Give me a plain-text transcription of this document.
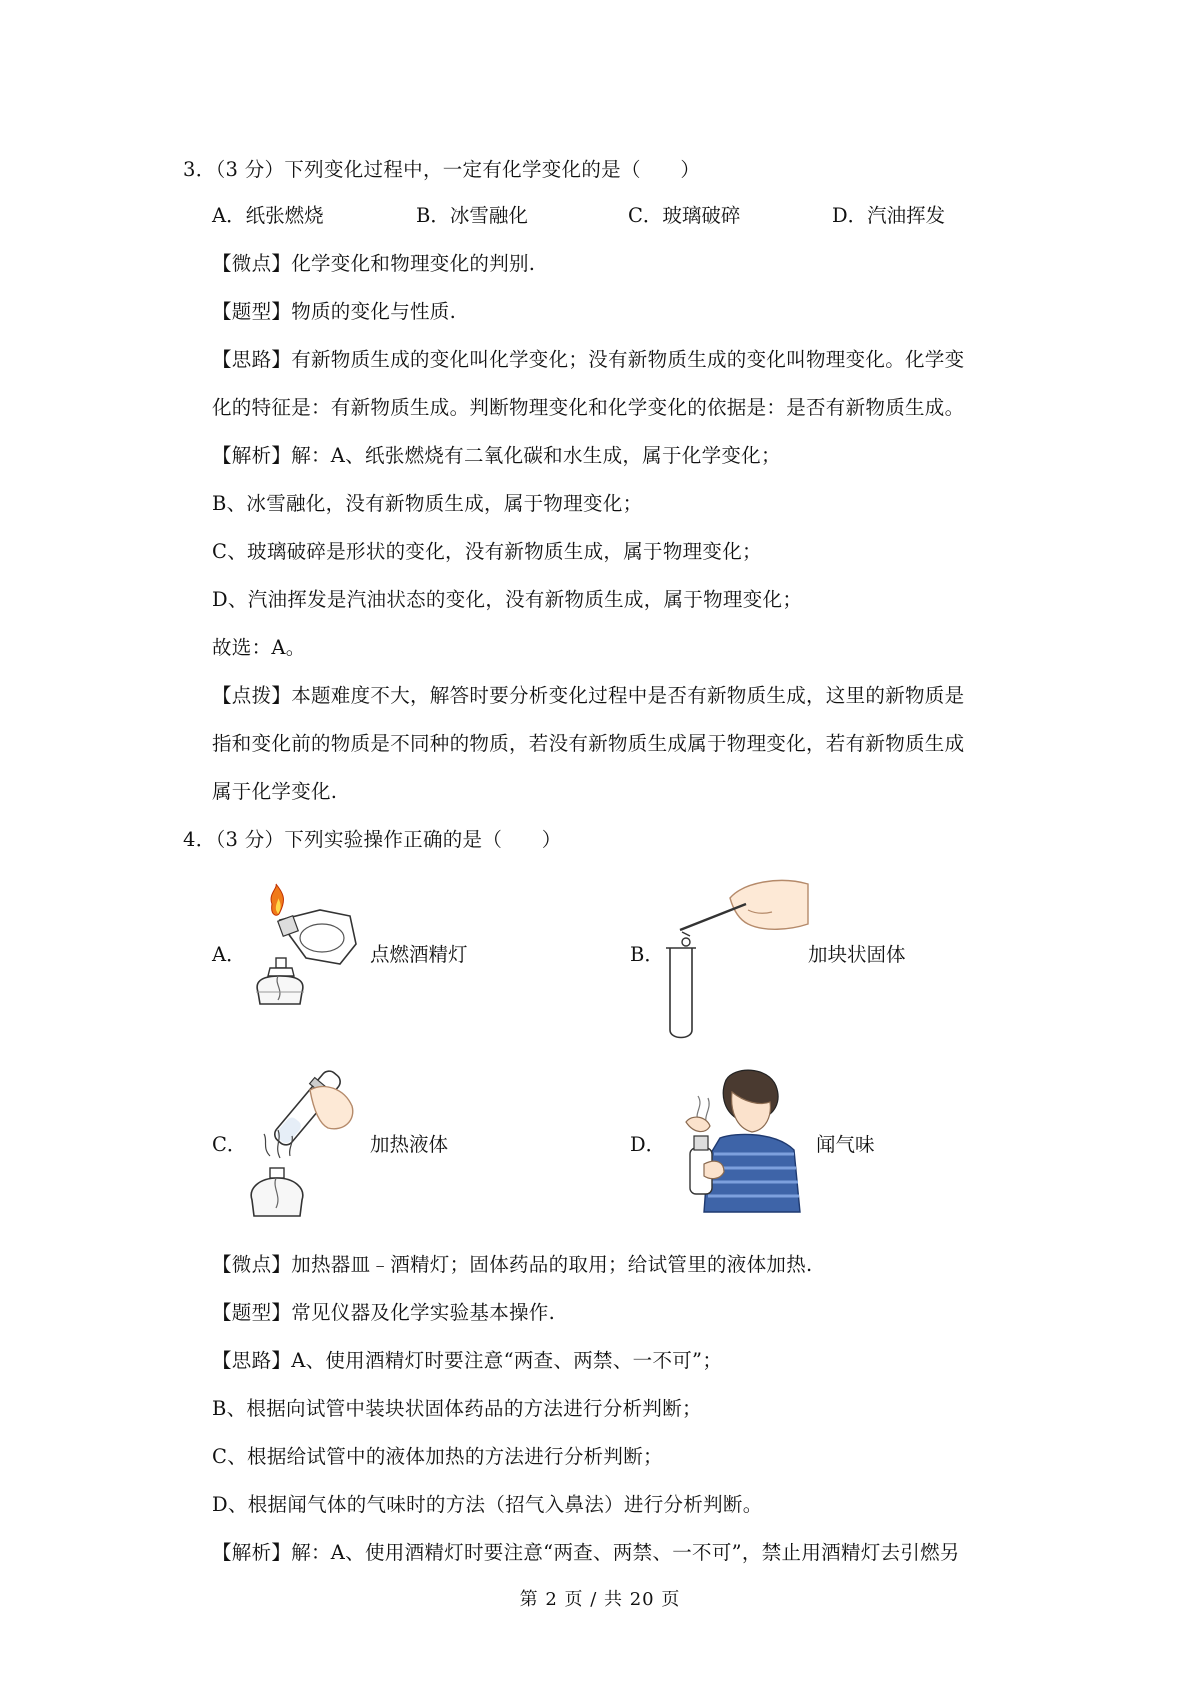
3．（3 分）下列变化过程中，一定有化学变化的是（　　）
A．纸张燃烧	B．冰雪融化	C．玻璃破碎	D．汽油挥发
【微点】化学变化和物理变化的判别.
【题型】物质的变化与性质.
【思路】有新物质生成的变化叫化学变化；没有新物质生成的变化叫物理变化。化学变
化的特征是：有新物质生成。判断物理变化和化学变化的依据是：是否有新物质生成。
【解析】解：A、纸张燃烧有二氧化碳和水生成，属于化学变化；
B、冰雪融化，没有新物质生成，属于物理变化；
C、玻璃破碎是形状的变化，没有新物质生成，属于物理变化；
D、汽油挥发是汽油状态的变化，没有新物质生成，属于物理变化；
故选：A。
【点拨】本题难度不大，解答时要分析变化过程中是否有新物质生成，这里的新物质是
指和变化前的物质是不同种的物质，若没有新物质生成属于物理变化，若有新物质生成
属于化学变化.
4．（3 分）下列实验操作正确的是（　　）
A．	点燃酒精灯	B．	加块状固体
C．	加热液体	D．	闻气味
【微点】加热器皿﹣酒精灯；固体药品的取用；给试管里的液体加热.
【题型】常见仪器及化学实验基本操作.
【思路】A、使用酒精灯时要注意“两查、两禁、一不可”；
B、根据向试管中装块状固体药品的方法进行分析判断；
C、根据给试管中的液体加热的方法进行分析判断；
D、根据闻气体的气味时的方法（招气入鼻法）进行分析判断。
【解析】解：A、使用酒精灯时要注意“两查、两禁、一不可”，禁止用酒精灯去引燃另
第 2 页 / 共 20 页
